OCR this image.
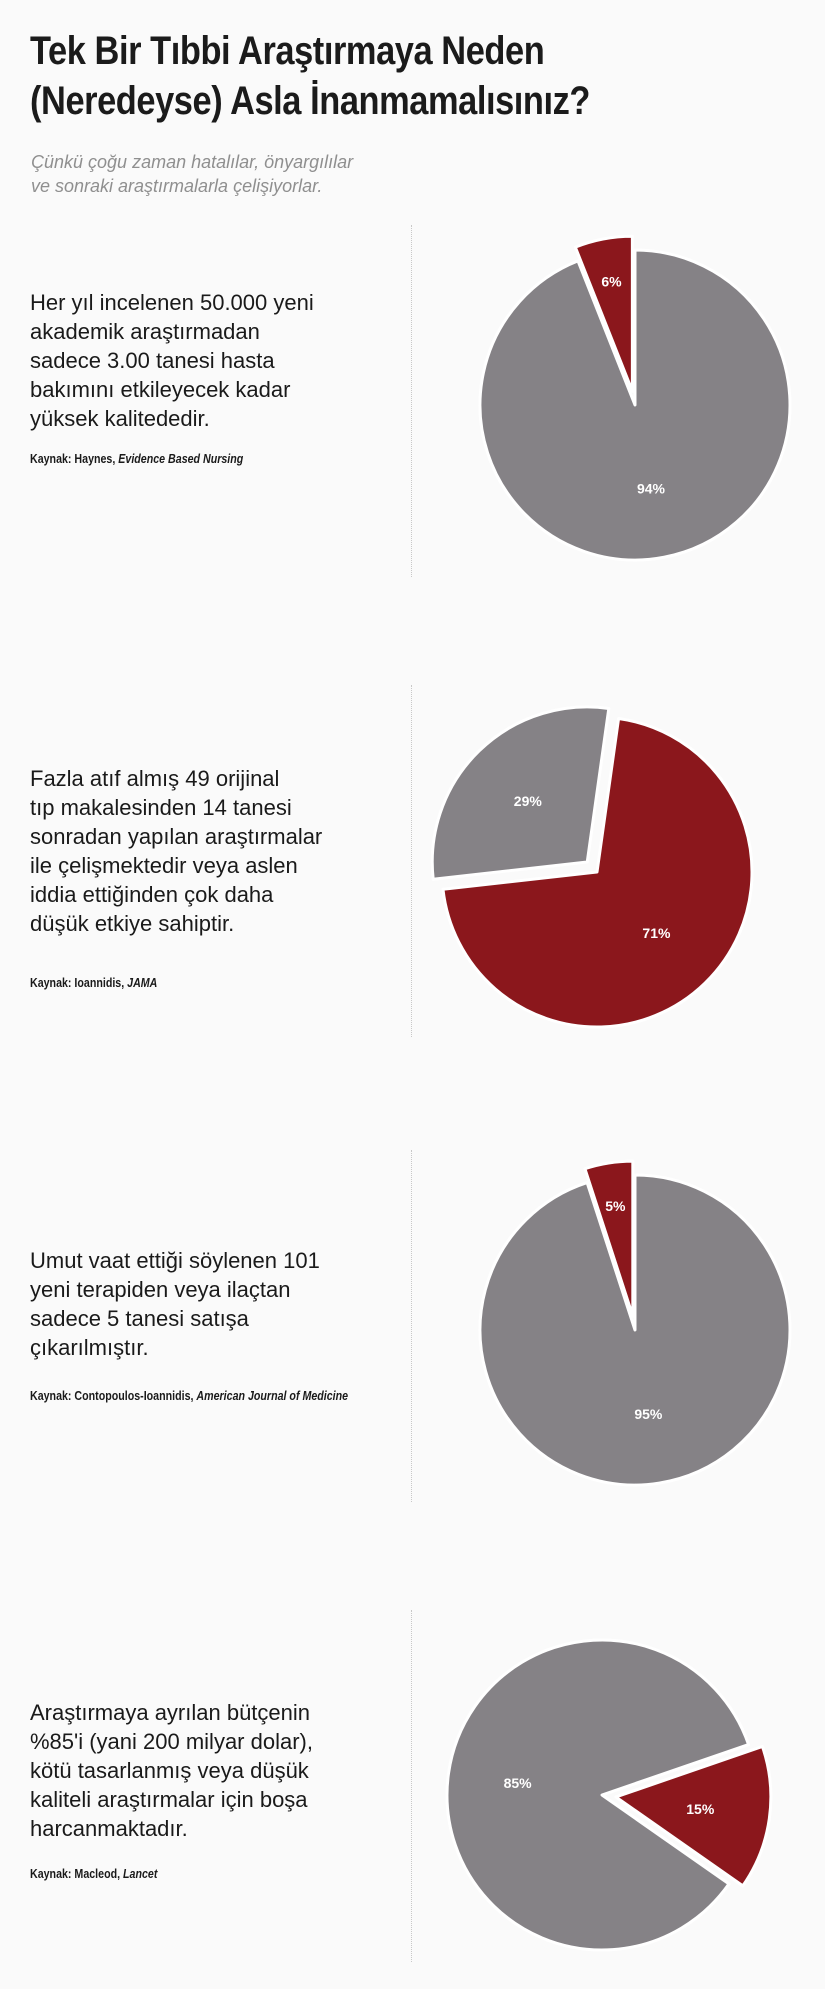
Tek Bir Tıbbi Araştırmaya Neden
(Neredeyse) Asla İnanmamalısınız?
Çünkü çoğu zaman hatalılar, önyargılılar
ve sonraki araştırmalarla çelişiyorlar.
Her yıl incelenen 50.000 yeni
akademik araştırmadan
sadece 3.00 tanesi hasta
bakımını etkileyecek kadar
yüksek kalitededir.
Kaynak: Haynes, Evidence Based Nursing
6%
94%
Fazla atıf almış 49 orijinal
tıp makalesinden 14 tanesi
sonradan yapılan araştırmalar
ile çelişmektedir veya aslen
iddia ettiğinden çok daha
düşük etkiye sahiptir.
Kaynak: Ioannidis, JAMA
71%
29%
Umut vaat ettiği söylenen 101
yeni terapiden veya ilaçtan
sadece 5 tanesi satışa
çıkarılmıştır.
Kaynak: Contopoulos-Ioannidis, American Journal of Medicine
5%
95%
Araştırmaya ayrılan bütçenin
%85'i (yani 200 milyar dolar),
kötü tasarlanmış veya düşük
kaliteli araştırmalar için boşa
harcanmaktadır.
Kaynak: Macleod, Lancet
85%
15%
